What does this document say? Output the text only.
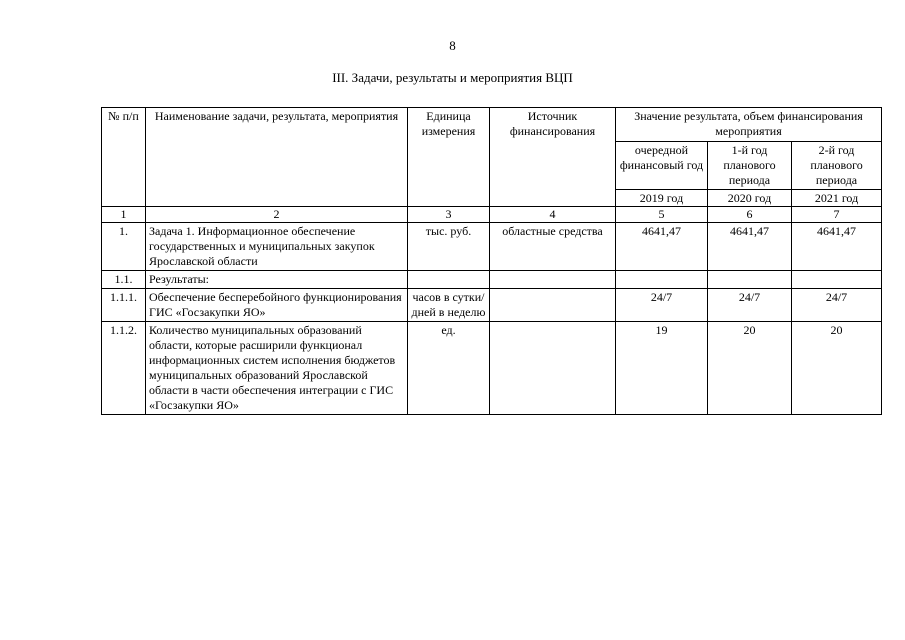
8
III. Задачи, результаты и мероприятия ВЦП
№ п/п	Наименование задачи, результата, мероприятия	Единица измерения	Источник финансирования	Значение результата, объем финансирования мероприятия		
				очередной финансовый год	1-й год планового периода	2-й год планового периода
				2019 год	2020 год	2021 год
1	2	3	4	5	6	7
1.	Задача 1. Информационное обеспечение государственных и муниципальных закупок Ярославской области	тыс. руб.	областные средства	4641,47	4641,47	4641,47
1.1.	Результаты:					
1.1.1.	Обеспечение бесперебойного функционирования ГИС «Госзакупки ЯО»	часов в сутки/ дней в неделю		24/7	24/7	24/7
1.1.2.	Количество муниципальных образований области, которые расширили функционал информационных систем исполнения бюджетов муниципальных образований Ярославской области в части обеспечения интеграции с ГИС «Госзакупки ЯО»	ед.		19	20	20
